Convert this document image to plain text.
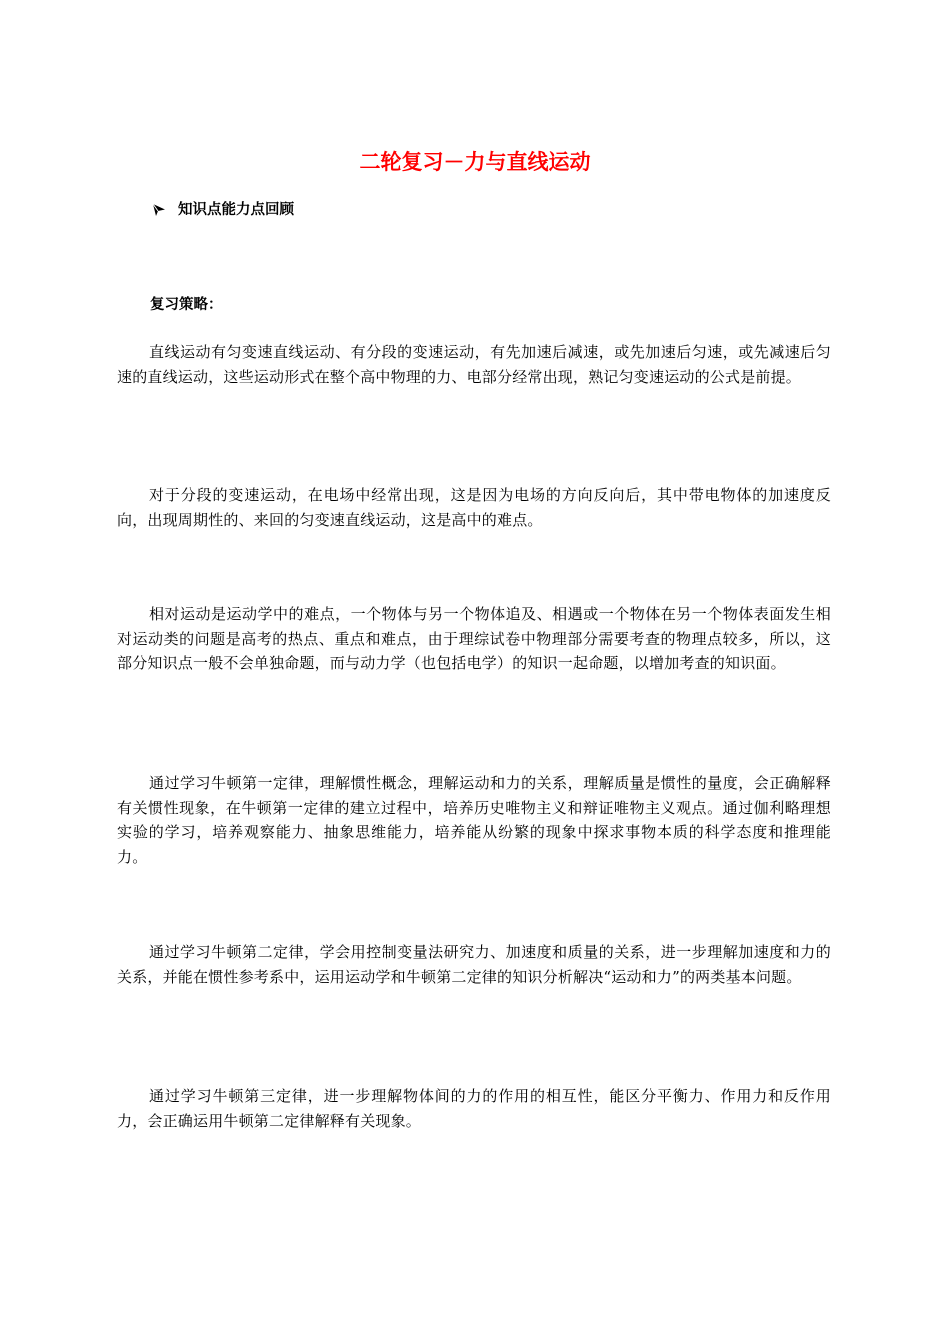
二轮复习－力与直线运动
知识点能力点回顾

复习策略：

直线运动有匀变速直线运动、有分段的变速运动，有先加速后减速，或先加速后匀速，或先减速后匀速的直线运动，这些运动形式在整个高中物理的力、电部分经常出现，熟记匀变速运动的公式是前提。

对于分段的变速运动，在电场中经常出现，这是因为电场的方向反向后，其中带电物体的加速度反向，出现周期性的、来回的匀变速直线运动，这是高中的难点。

相对运动是运动学中的难点，一个物体与另一个物体追及、相遇或一个物体在另一个物体表面发生相对运动类的问题是高考的热点、重点和难点，由于理综试卷中物理部分需要考查的物理点较多，所以，这部分知识点一般不会单独命题，而与动力学（也包括电学）的知识一起命题，以增加考查的知识面。

通过学习牛顿第一定律，理解惯性概念，理解运动和力的关系，理解质量是惯性的量度，会正确解释有关惯性现象，在牛顿第一定律的建立过程中，培养历史唯物主义和辩证唯物主义观点。通过伽利略理想实验的学习，培养观察能力、抽象思维能力，培养能从纷繁的现象中探求事物本质的科学态度和推理能力。

通过学习牛顿第二定律，学会用控制变量法研究力、加速度和质量的关系，进一步理解加速度和力的关系，并能在惯性参考系中，运用运动学和牛顿第二定律的知识分析解决“运动和力”的两类基本问题。

通过学习牛顿第三定律，进一步理解物体间的力的作用的相互性，能区分平衡力、作用力和反作用力，会正确运用牛顿第二定律解释有关现象。
